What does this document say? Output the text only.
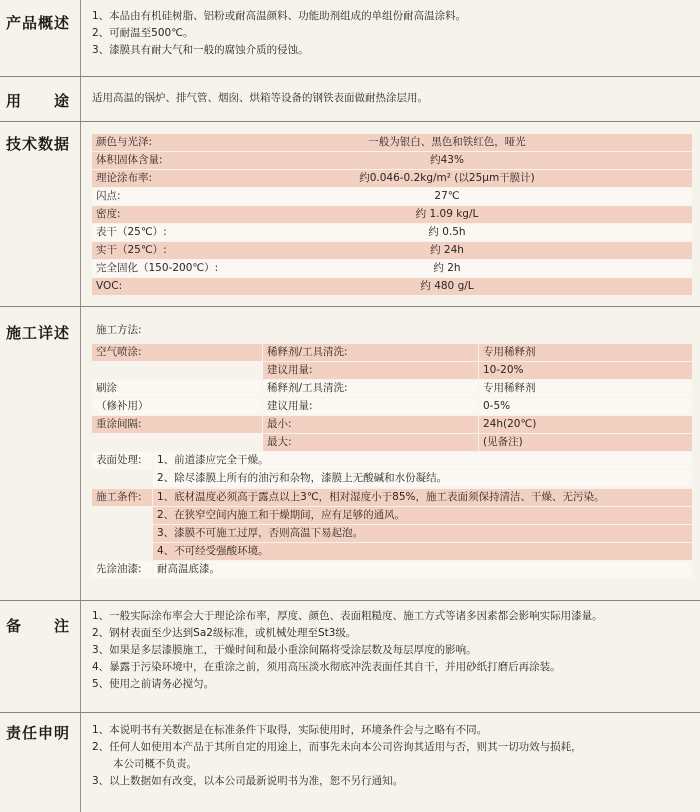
产品概述 1、本品由有机硅树脂、铝粉或耐高温颜料、功能助剂组成的单组份耐高温涂料。
2、可耐温至500℃。
3、漆膜具有耐大气和一般的腐蚀介质的侵蚀。
用　　途 适用高温的锅炉、排气管、烟囱、烘箱等设备的钢铁表面做耐热涂层用。
技术数据 颜色与光泽:	一般为银白、黑色和铁红色，哑光
体积固体含量:	约43%
理论涂布率:	约0.046-0.2kg/m² (以25μm干膜计)
闪点:	27℃
密度:	约 1.09 kg/L
表干（25℃）:	约 0.5h
实干（25℃）:	约 24h
完全固化（150-200℃）:	约 2h
VOC:	约 480 g/L
施工详述	施工方法:
空气喷涂:	稀释剂/工具清洗:	专用稀释剂
建议用量:	10-20%
刷涂	稀释剂/工具清洗:	专用稀释剂
（修补用）	建议用量:	0-5%
重涂间隔:	最小:	24h(20℃)
最大:	(见备注)
表面处理:	1、前道漆应完全干燥。
2、除尽漆膜上所有的油污和杂物，漆膜上无酸碱和水份凝结。
施工条件:	1、底材温度必须高于露点以上3℃，相对湿度小于85%，施工表面须保持清洁、干燥、无污染。
2、在狭窄空间内施工和干燥期间，应有足够的通风。
3、漆膜不可施工过厚，否则高温下易起泡。
4、不可经受强酸环境。
先涂油漆:	耐高温底漆。
备　　注
1、一般实际涂布率会大于理论涂布率，厚度、颜色、表面粗糙度、施工方式等诸多因素都会影响实际用漆量。
2、钢材表面至少达到Sa2级标准，或机械处理至St3级。
3、如果是多层漆膜施工，干燥时间和最小重涂间隔将受涂层数及每层厚度的影响。
4、暴露于污染环境中，在重涂之前，须用高压淡水彻底冲洗表面任其自干，并用砂纸打磨后再涂装。
5、使用之前请务必搅匀。
责任申明 1、本说明书有关数据是在标准条件下取得，实际使用时，环境条件会与之略有不同。
2、任何人如使用本产品于其所自定的用途上，而事先未向本公司咨询其适用与否，则其一切功效与损耗，
　　本公司概不负责。
3、以上数据如有改变，以本公司最新说明书为准，恕不另行通知。
